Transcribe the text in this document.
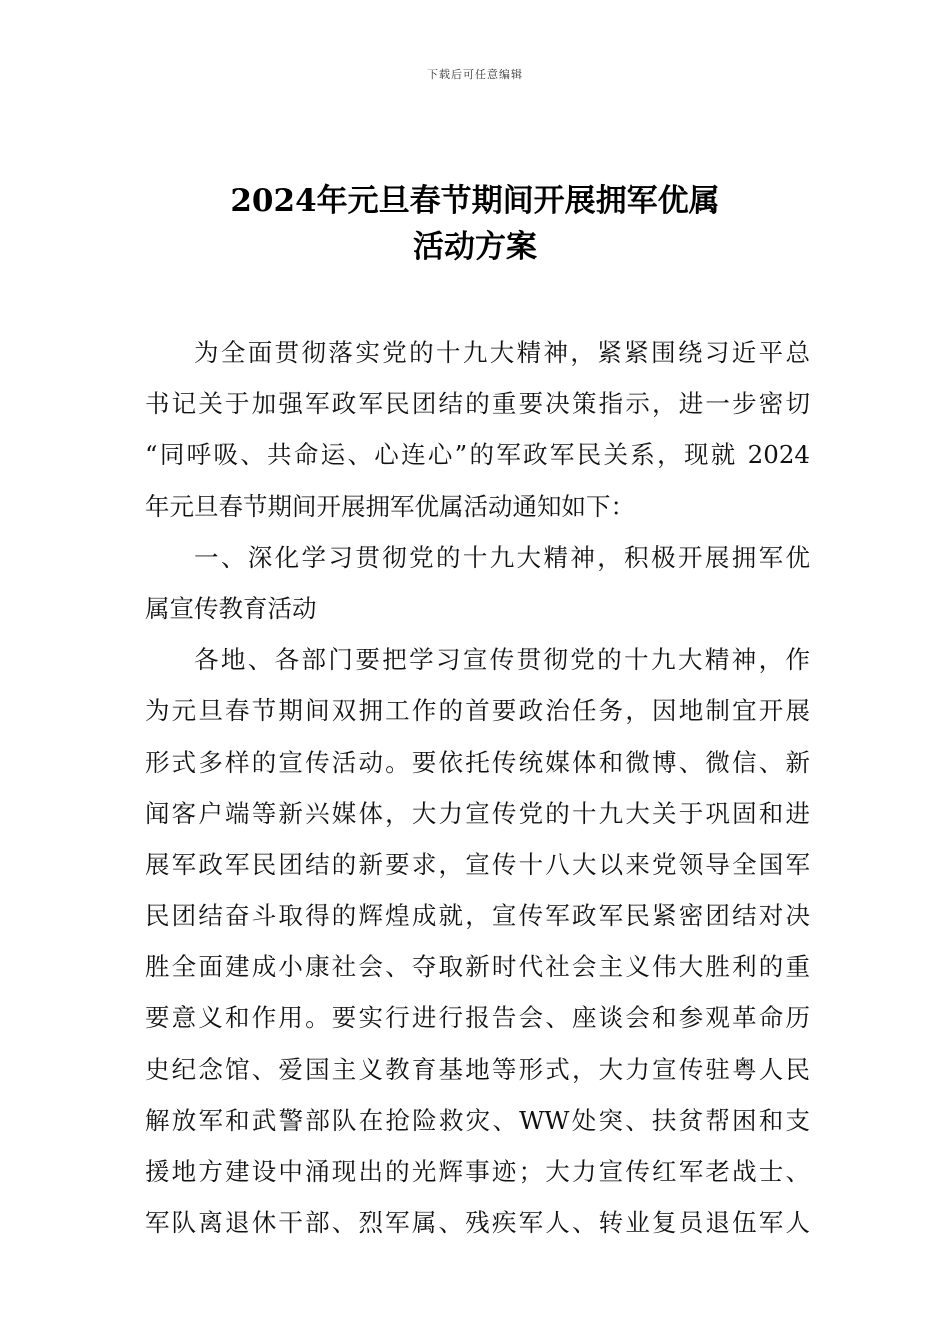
下载后可任意编辑
2024年元旦春节期间开展拥军优属
活动方案
为全面贯彻落实党的十九大精神，紧紧围绕习近平总
书记关于加强军政军民团结的重要决策指示，进一步密切
“同呼吸、共命运、心连心”的军政军民关系，现就 2024
年元旦春节期间开展拥军优属活动通知如下：
一、深化学习贯彻党的十九大精神，积极开展拥军优
属宣传教育活动
各地、各部门要把学习宣传贯彻党的十九大精神，作
为元旦春节期间双拥工作的首要政治任务，因地制宜开展
形式多样的宣传活动。要依托传统媒体和微博、微信、新
闻客户端等新兴媒体，大力宣传党的十九大关于巩固和进
展军政军民团结的新要求，宣传十八大以来党领导全国军
民团结奋斗取得的辉煌成就，宣传军政军民紧密团结对决
胜全面建成小康社会、夺取新时代社会主义伟大胜利的重
要意义和作用。要实行进行报告会、座谈会和参观革命历
史纪念馆、爱国主义教育基地等形式，大力宣传驻粤人民
解放军和武警部队在抢险救灾、WW处突、扶贫帮困和支
援地方建设中涌现出的光辉事迹；大力宣传红军老战士、
军队离退休干部、烈军属、残疾军人、转业复员退伍军人
